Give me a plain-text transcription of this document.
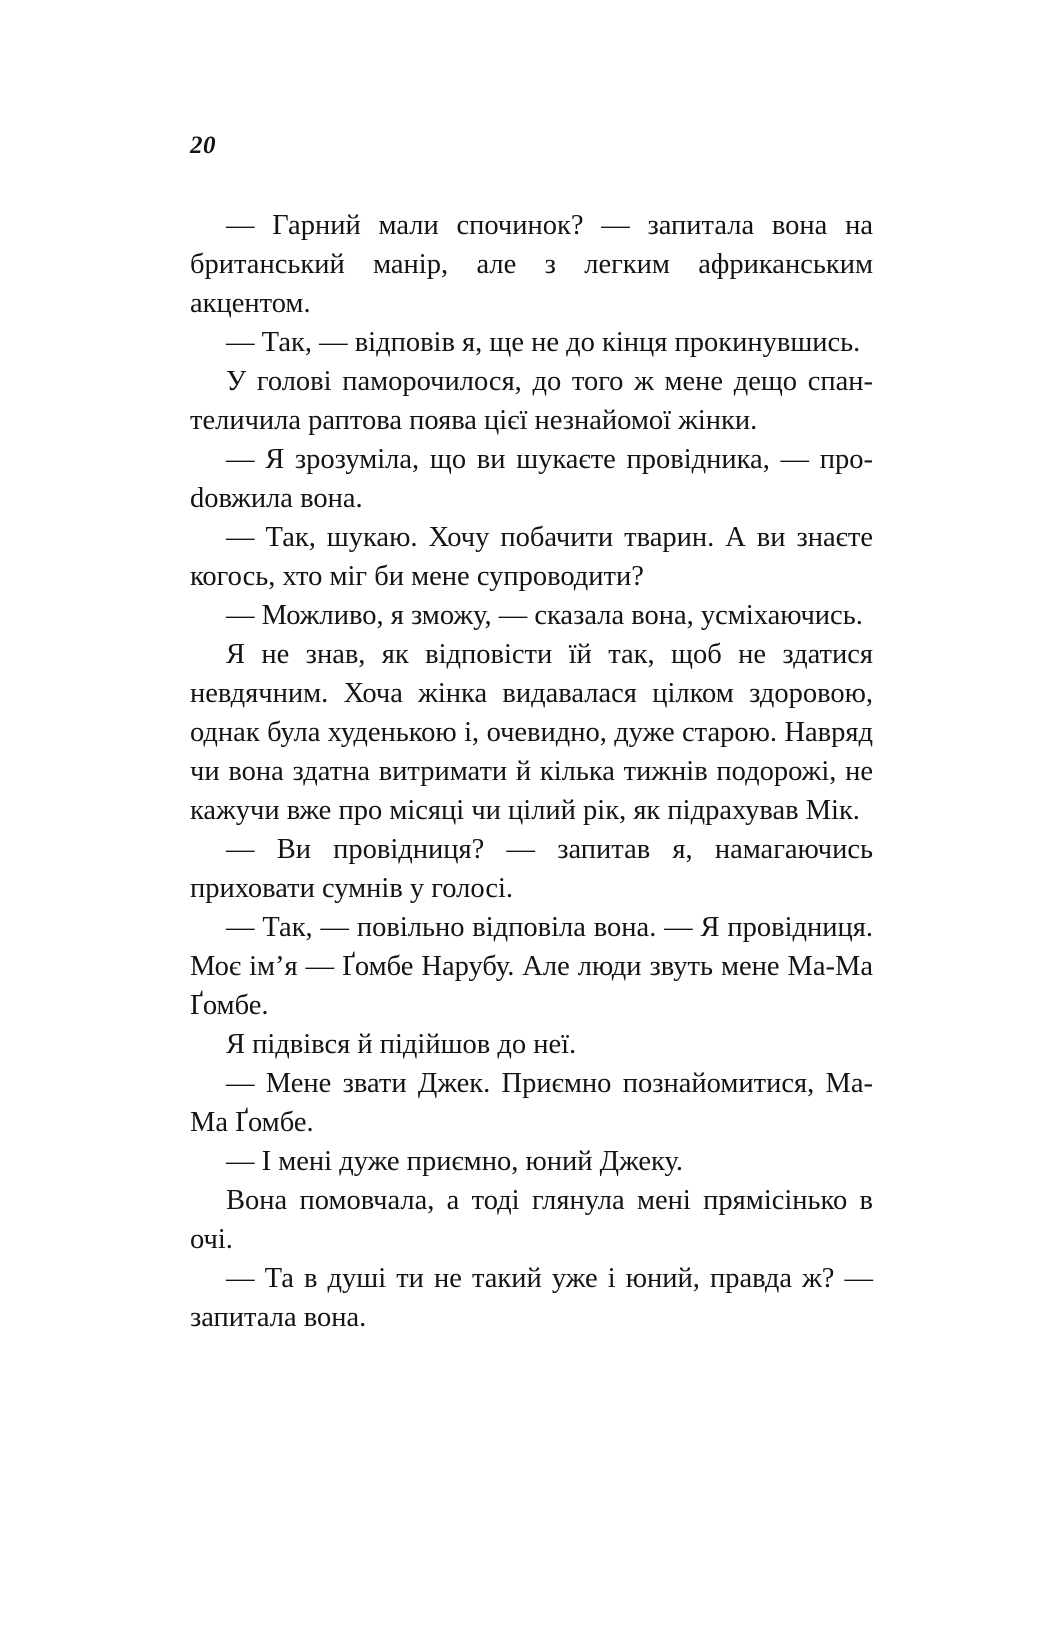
20

— Гарний мали спочинок? — запитала вона на британський манір, але з легким африканським акцентом.

— Так, — відповів я, ще не до кінця прокинувшись.

У голові паморочилося, до того ж мене дещо спантеличила раптова поява цієї незнайомої жінки.

— Я зрозуміла, що ви шукаєте провідника, — проdовжила вона.

— Так, шукаю. Хочу побачити тварин. А ви знаєте когось, хто міг би мене супроводити?

— Можливо, я зможу, — сказала вона, усміхаючись.

Я не знав, як відповісти їй так, щоб не здатися невдячним. Хоча жінка видавалася цілком здоровою, однак була худенькою і, очевидно, дуже старою. Навряд чи вона здатна витримати й кілька тижнів подорожі, не кажучи вже про місяці чи цілий рік, як підрахував Мік.

— Ви провідниця? — запитав я, намагаючись приховати сумнів у голосі.

— Так, — повільно відповіла вона. — Я провідниця. Моє ім’я — Ґомбе Нарубу. Але люди звуть мене Ма-Ма Ґомбе.

Я підвівся й підійшов до неї.

— Мене звати Джек. Приємно познайомитися, Ма-Ма Ґомбе.

— І мені дуже приємно, юний Джеку.

Вона помовчала, а тоді глянула мені прямісінько в очі.

— Та в душі ти не такий уже і юний, правда ж? — запитала вона.
